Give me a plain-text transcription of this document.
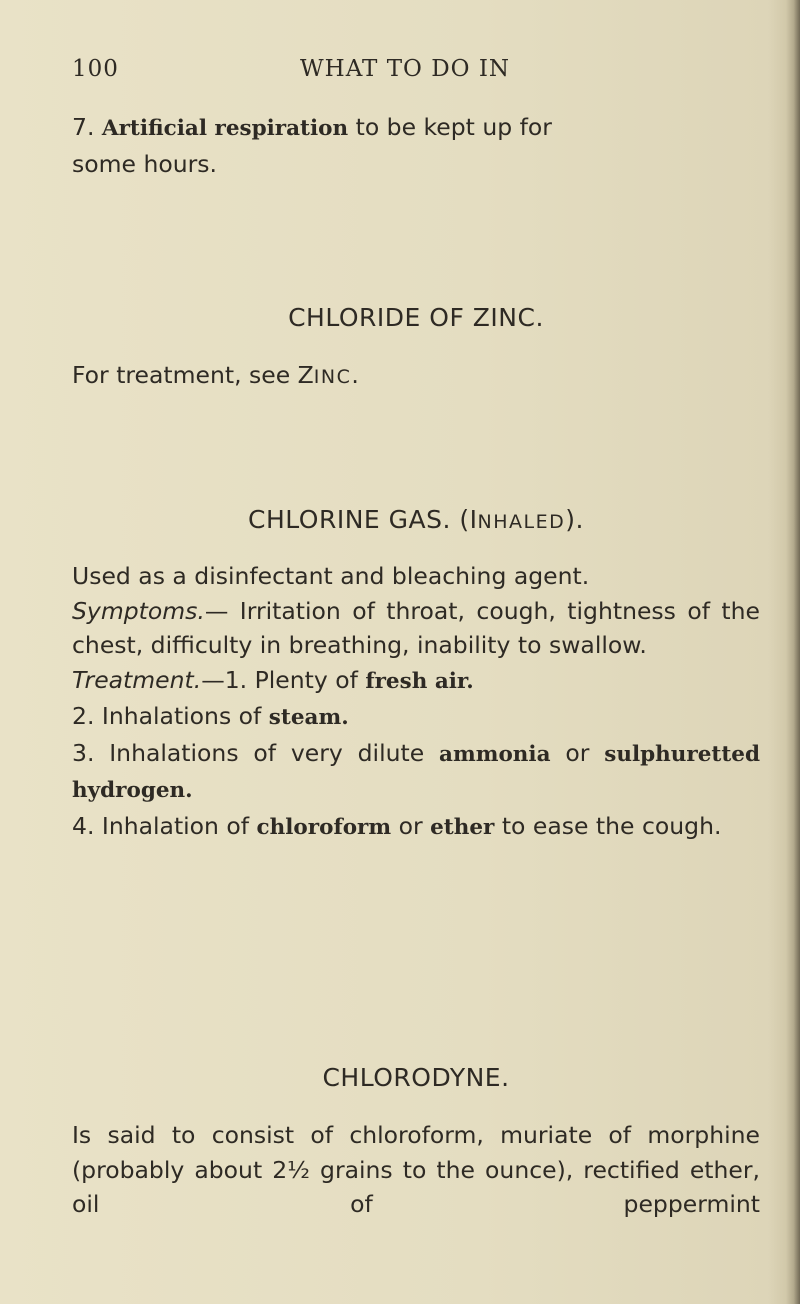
100	WHAT TO DO IN

7. Artificial respiration to be kept up for
some hours.

CHLORIDE OF ZINC.

For treatment, see ZINC.

CHLORINE GAS. (INHALED).

Used as a disinfectant and bleaching agent.

Symptoms.— Irritation of throat, cough, tightness of the chest, difficulty in breathing, inability to swallow.

Treatment.—1. Plenty of fresh air.

2. Inhalations of steam.

3. Inhalations of very dilute ammonia or sulphuretted hydrogen.

4. Inhalation of chloroform or ether to ease the cough.

CHLORODYNE.

Is said to consist of chloroform, muriate of morphine (probably about 2½ grains to the ounce), rectified ether, oil of peppermint
